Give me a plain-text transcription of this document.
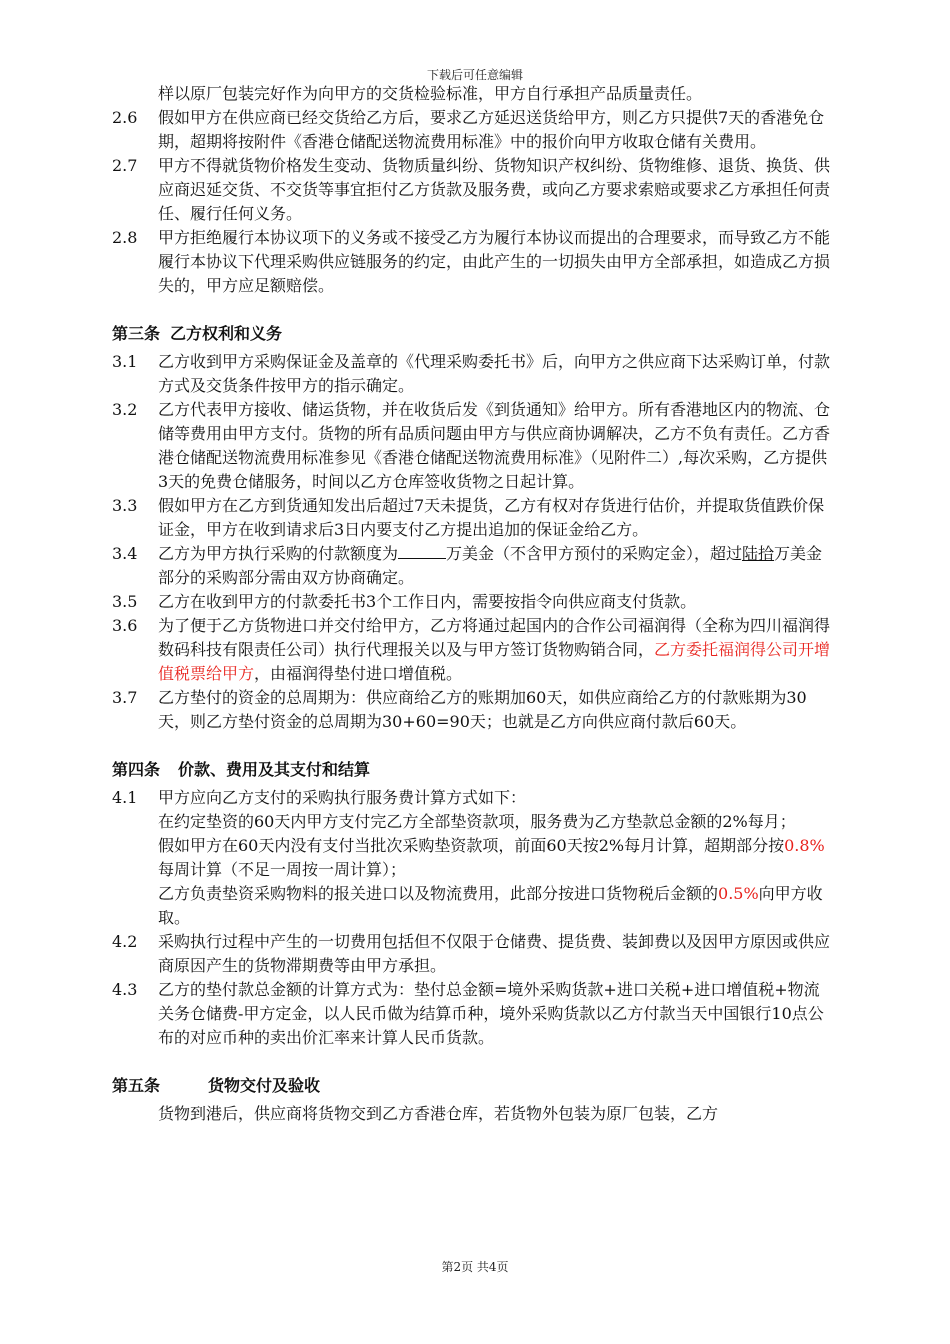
下载后可任意编辑
样以原厂包装完好作为向甲方的交货检验标准，甲方自行承担产品质量责任。
2.6 假如甲方在供应商已经交货给乙方后，要求乙方延迟送货给甲方，则乙方只提供7天的香港免仓期，超期将按附件《香港仓储配送物流费用标准》中的报价向甲方收取仓储有关费用。
2.7 甲方不得就货物价格发生变动、货物质量纠纷、货物知识产权纠纷、货物维修、退货、换货、供应商迟延交货、不交货等事宜拒付乙方货款及服务费，或向乙方要求索赔或要求乙方承担任何责任、履行任何义务。
2.8 甲方拒绝履行本协议项下的义务或不接受乙方为履行本协议而提出的合理要求，而导致乙方不能履行本协议下代理采购供应链服务的约定，由此产生的一切损失由甲方全部承担，如造成乙方损失的，甲方应足额赔偿。
第三条 乙方权利和义务
3.1 乙方收到甲方采购保证金及盖章的《代理采购委托书》后，向甲方之供应商下达采购订单，付款方式及交货条件按甲方的指示确定。
3.2 乙方代表甲方接收、储运货物，并在收货后发《到货通知》给甲方。所有香港地区内的物流、仓储等费用由甲方支付。货物的所有品质问题由甲方与供应商协调解决，乙方不负有责任。乙方香港仓储配送物流费用标准参见《香港仓储配送物流费用标准》（见附件二）,每次采购，乙方提供3天的免费仓储服务，时间以乙方仓库签收货物之日起计算。
3.3 假如甲方在乙方到货通知发出后超过7天未提货，乙方有权对存货进行估价，并提取货值跌价保证金，甲方在收到请求后3日内要支付乙方提出追加的保证金给乙方。
3.4 乙方为甲方执行采购的付款额度为	万美金（不含甲方预付的采购定金），超过陆拾万美金部分的采购部分需由双方协商确定。
3.5 乙方在收到甲方的付款委托书3个工作日内，需要按指令向供应商支付货款。
3.6 为了便于乙方货物进口并交付给甲方，乙方将通过起国内的合作公司福润得（全称为四川福润得数码科技有限责任公司）执行代理报关以及与甲方签订货物购销合同，乙方委托福润得公司开增值税票给甲方，由福润得垫付进口增值税。
3.7 乙方垫付的资金的总周期为：供应商给乙方的账期加60天，如供应商给乙方的付款账期为30天，则乙方垫付资金的总周期为30+60=90天；也就是乙方向供应商付款后60天。
第四条 价款、费用及其支付和结算
4.1 甲方应向乙方支付的采购执行服务费计算方式如下：
在约定垫资的60天内甲方支付完乙方全部垫资款项，服务费为乙方垫款总金额的2%每月；
假如甲方在60天内没有支付当批次采购垫资款项，前面60天按2%每月计算，超期部分按0.8%每周计算（不足一周按一周计算）；
乙方负责垫资采购物料的报关进口以及物流费用，此部分按进口货物税后金额的0.5%向甲方收取。
4.2 采购执行过程中产生的一切费用包括但不仅限于仓储费、提货费、装卸费以及因甲方原因或供应商原因产生的货物滞期费等由甲方承担。
4.3 乙方的垫付款总金额的计算方式为：垫付总金额=境外采购货款+进口关税+进口增值税+物流关务仓储费-甲方定金，以人民币做为结算币种，境外采购货款以乙方付款当天中国银行10点公布的对应币种的卖出价汇率来计算人民币货款。
第五条	货物交付及验收
货物到港后，供应商将货物交到乙方香港仓库，若货物外包装为原厂包装，乙方
第2页 共4页
